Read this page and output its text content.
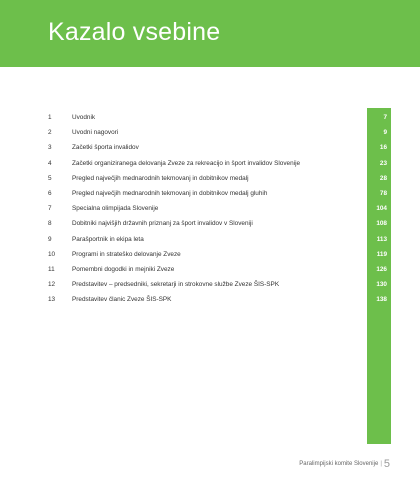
Kazalo vsebine
1	Uvodnik	7
2	Uvodni nagovori	9
3	Začetki športa invalidov	16
4	Začetki organiziranega delovanja Zveze za rekreacijo in šport invalidov Slovenije	23
5	Pregled največjih mednarodnih tekmovanj in dobitnikov medalj	28
6	Pregled največjih mednarodnih tekmovanj in dobitnikov medalj gluhih	78
7	Specialna olimpijada Slovenije	104
8	Dobitniki najvišjih državnih priznanj za šport invalidov v Sloveniji	108
9	Parašportnik in ekipa leta	113
10	Programi in strateško delovanje Zveze	119
11	Pomembni dogodki in mejniki Zveze	126
12	Predstavitev – predsedniki, sekretarji in strokovne službe Zveze ŠIS-SPK	130
13	Predstavitev članic Zveze ŠIS-SPK	138
Paralimpijski komite Slovenije | 5
